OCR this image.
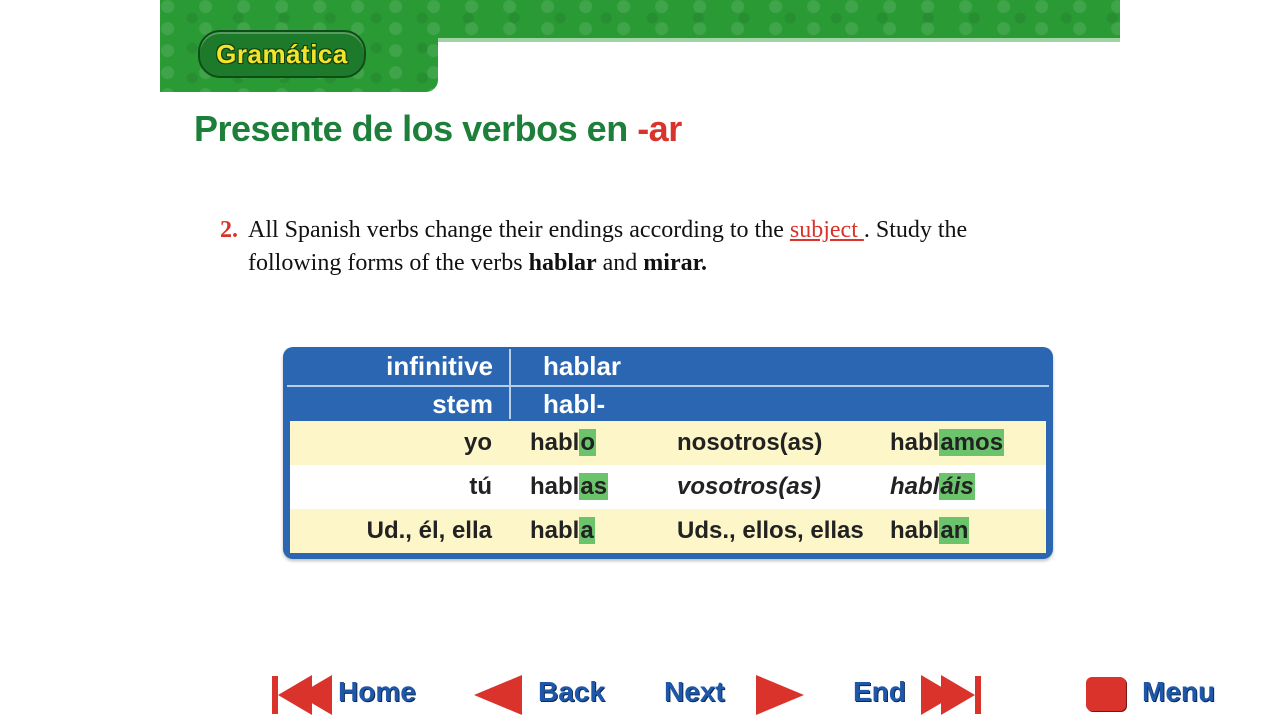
Gramática
Presente de los verbos en -ar
2. All Spanish verbs change their endings according to the subject . Study the
following forms of the verbs hablar and mirar.
infinitive hablar
stem habl-
yo hablo	nosotros(as)	hablamos
tú hablas	vosotros(as)	habláis
Ud., él, ella habla	Uds., ellos, ellas hablan
Home	Back Next	End	Menu
